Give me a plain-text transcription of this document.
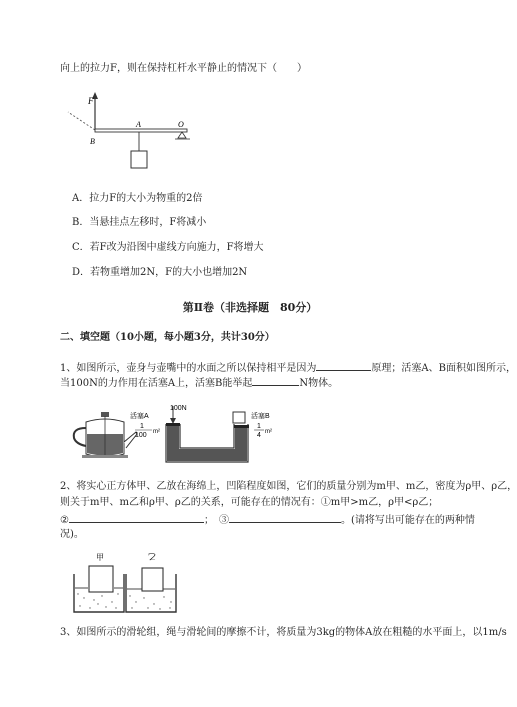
向上的拉力F，则在保持杠杆水平静止的情况下（　　）
F
A	O
B
A．拉力F的大小为物重的2倍
B．当悬挂点左移时，F将减小
C．若F改为沿图中虚线方向施力，F将增大
D．若物重增加2N，F的大小也增加2N
第Ⅱ卷（非选择题　80分）
二、填空题（10小题，每小题3分，共计30分）
1、如图所示，壶身与壶嘴中的水面之所以保持相平是因为	原理；活塞A、B面积如图所示，
当100N的力作用在活塞A上，活塞B能举起	N物体。
100N
活塞A
1
100 m²
活塞B
1
4 m²
2、将实心正方体甲、乙放在海绵上，凹陷程度如图，它们的质量分别为m甲、m乙，密度为ρ甲、ρ乙，
则关于m甲、m乙和ρ甲、ρ乙的关系，可能存在的情况有：①m甲>m乙，ρ甲<ρ乙；
②	；　③	。(请将写出可能存在的两种情
况)。
甲	乙
3、如图所示的滑轮组，绳与滑轮间的摩擦不计，将质量为3kg的物体A放在粗糙的水平面上，以1m/s
